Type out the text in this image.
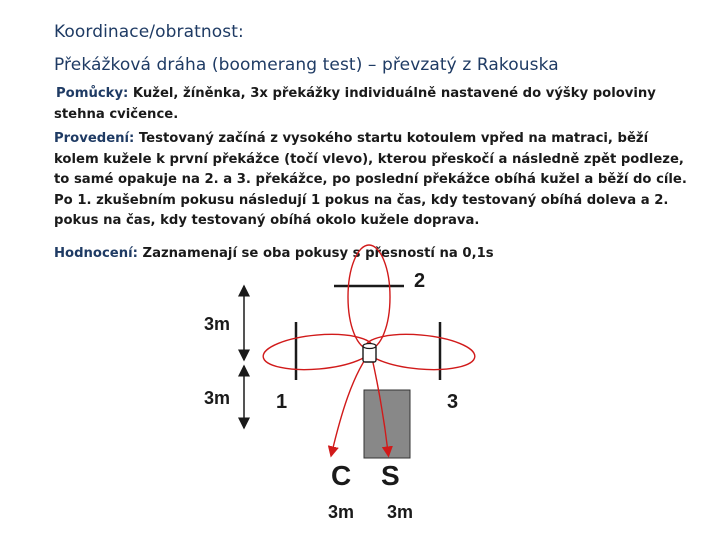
Koordinace/obratnost:
Překážková dráha (boomerang test) – převzatý z Rakouska

Pomůcky: Kužel, žíněnka, 3x překážky individuálně nastavené do výšky poloviny stehna cvičence.

Provedení: Testovaný začíná z vysokého startu kotoulem vpřed na matraci, běží kolem kužele k první překážce (točí vlevo), kterou přeskočí a následně zpět podleze, to samé opakuje na 2. a 3. překážce, po poslední překážce obíhá kužel a běží do cíle. Po 1. zkušebním pokusu následují 1 pokus na čas, kdy testovaný obíhá doleva a 2. pokus na čas, kdy testovaný obíhá okolo kužele doprava.

Hodnocení: Zaznamenají se oba pokusy s přesností na 0,1s

3m
3m
2
1	3
C S
3m 3m
